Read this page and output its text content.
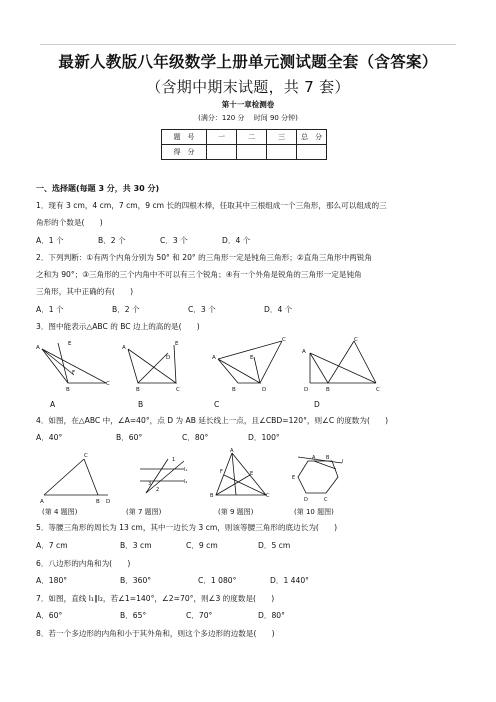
最新人教版八年级数学上册单元测试题全套（含答案）
（含期中期末试题，共 7 套）
第十一章检测卷
(满分：120 分　 时间 90 分钟)
题　号	一	二	三	总　分
得　分				
一、选择题(每题 3 分，共 30 分)
1．现有 3 cm，4 cm，7 cm，9 cm 长的四根木棒，任取其中三根组成一个三角形，那么可以组成的三
角形的个数是(　　)
A．1 个	B．2 个	C．3 个	D．4 个
2．下列判断：①有两个内角分别为 50° 和 20° 的三角形一定是钝角三角形；②直角三角形中两锐角
之和为 90°；③三角形的三个内角中不可以有三个锐角；④有一个外角是锐角的三角形一定是钝角
三角形，其中正确的有(　　)
A．1 个	B．2 个	C．3 个	D．4 个
3．图中能表示△ABC 的 BC 边上的高的是(　　)
A
E
F
B
C
A
E
D
B	C
A
C
E
B	D
A
C
D	B	C
A	B	C	D
4．如图，在△ABC 中，∠A=40°，点 D 为 AB 延长线上一点，且∠CBD=120°，则∠C 的度数为(　　)
A．40°	B．60°	C．80°	D．100°
A
C
B D
l₁
l₂
1
3
2
A
B	C
E
F
l
A B
E
D	C
(第 4 题图)	(第 7 题图)	(第 9 题图)	(第 10 题图)
5．等腰三角形的周长为 13 cm，其中一边长为 3 cm，则该等腰三角形的底边长为(　　)
A．7 cm	B．3 cm	C．9 cm	D．5 cm
6．八边形的内角和为(　　)
A．180°	B．360°	C．1 080°	D．1 440°
7．如图，直线 l₁∥l₂，若∠1=140°，∠2=70°，则∠3 的度数是(　　)
A．60°	B．65°	C．70°	D．80°
8．若一个多边形的内角和小于其外角和，则这个多边形的边数是(　　)
